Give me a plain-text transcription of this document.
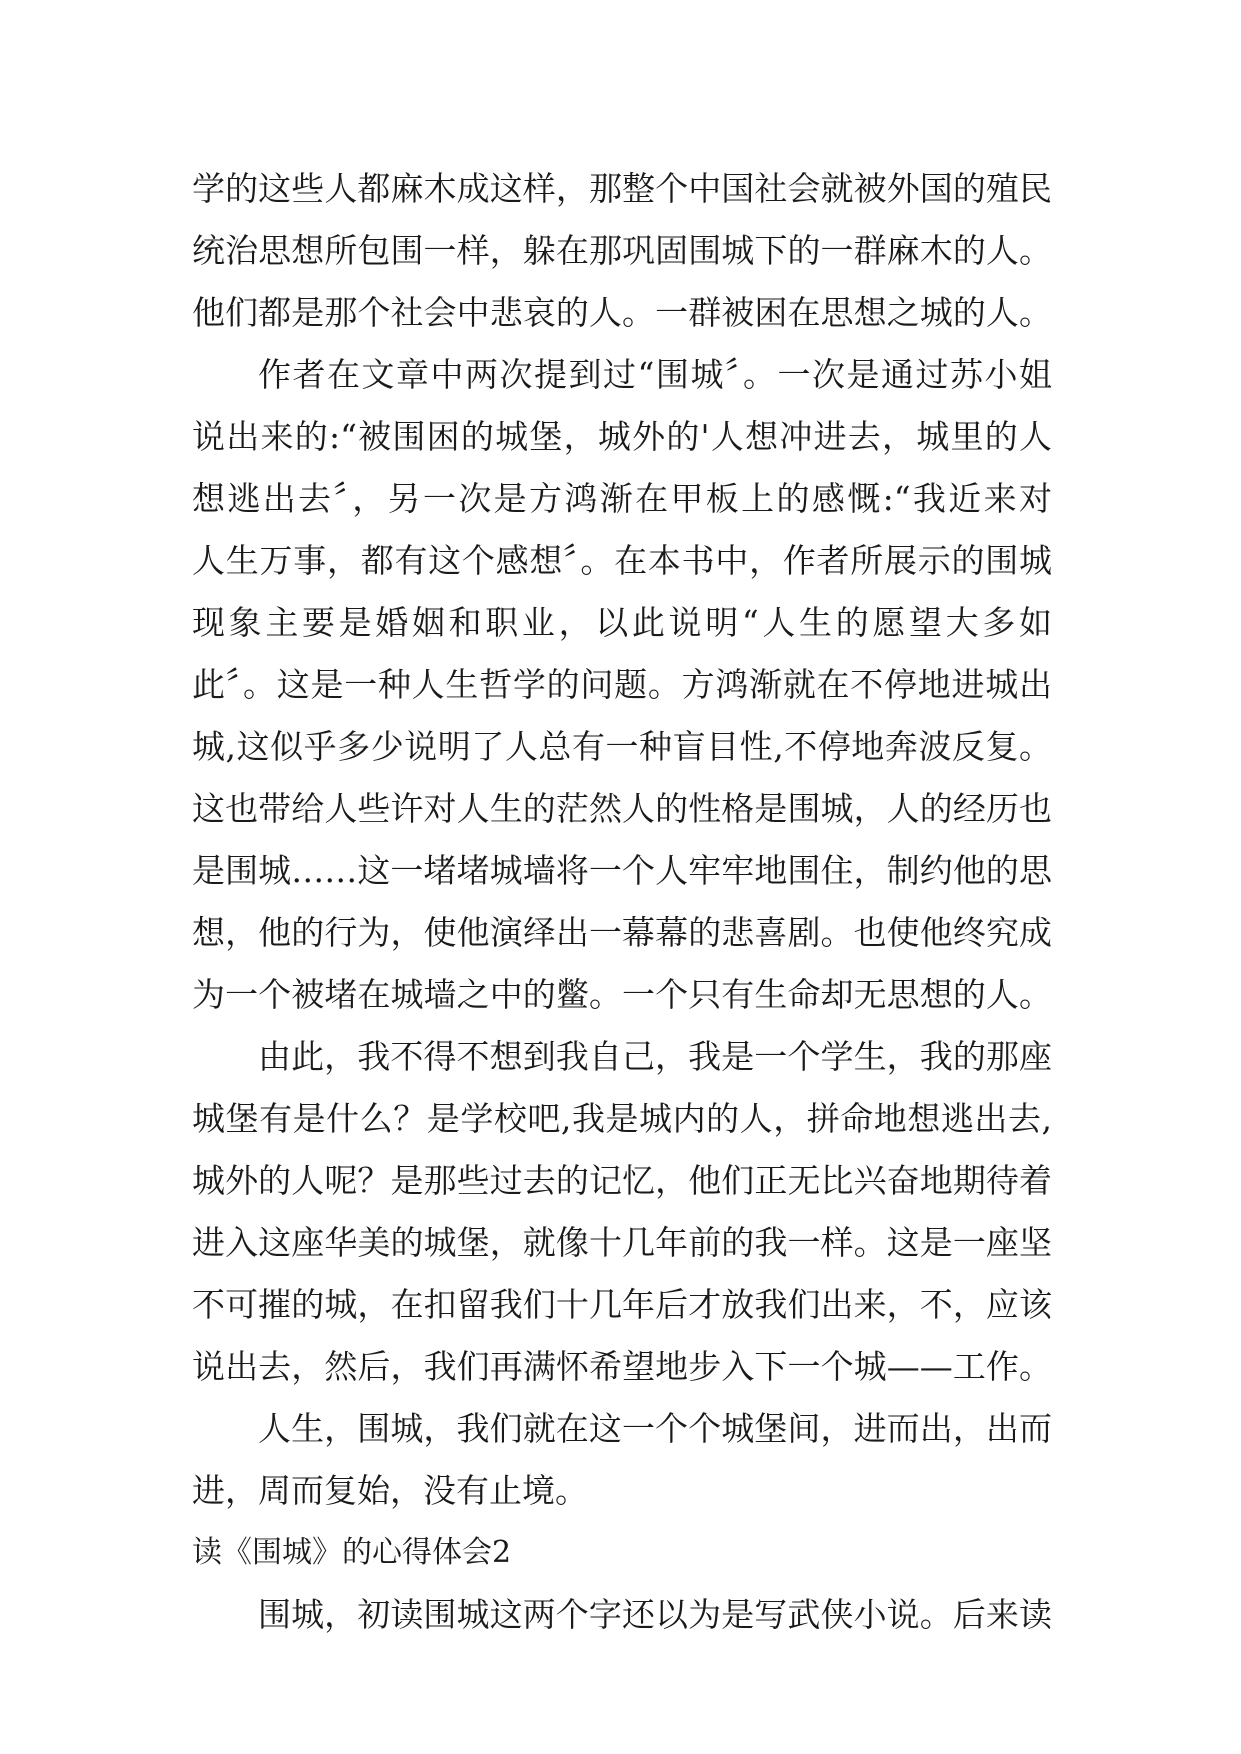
学的这些人都麻木成这样，那整个中国社会就被外国的殖民
统治思想所包围一样，躲在那巩固围城下的一群麻木的人。
他们都是那个社会中悲哀的人。一群被困在思想之城的人。
作者在文章中两次提到过“围城〞。一次是通过苏小姐
说出来的:“被围困的城堡，城外的'人想冲进去，城里的人
想逃出去〞，另一次是方鸿渐在甲板上的感慨:“我近来对
人生万事，都有这个感想〞。在本书中，作者所展示的围城
现象主要是婚姻和职业，以此说明“人生的愿望大多如
此〞。这是一种人生哲学的问题。方鸿渐就在不停地进城出
城,这似乎多少说明了人总有一种盲目性,不停地奔波反复。
这也带给人些许对人生的茫然人的性格是围城，人的经历也
是围城……这一堵堵城墙将一个人牢牢地围住，制约他的思
想，他的行为，使他演绎出一幕幕的悲喜剧。也使他终究成
为一个被堵在城墙之中的鳖。一个只有生命却无思想的人。
由此，我不得不想到我自己，我是一个学生，我的那座
城堡有是什么？是学校吧,我是城内的人，拼命地想逃出去,
城外的人呢？是那些过去的记忆，他们正无比兴奋地期待着
进入这座华美的城堡，就像十几年前的我一样。这是一座坚
不可摧的城，在扣留我们十几年后才放我们出来，不，应该
说出去，然后，我们再满怀希望地步入下一个城——工作。
人生，围城，我们就在这一个个城堡间，进而出，出而
进，周而复始，没有止境。
读《围城》的心得体会2
围城，初读围城这两个字还以为是写武侠小说。后来读
